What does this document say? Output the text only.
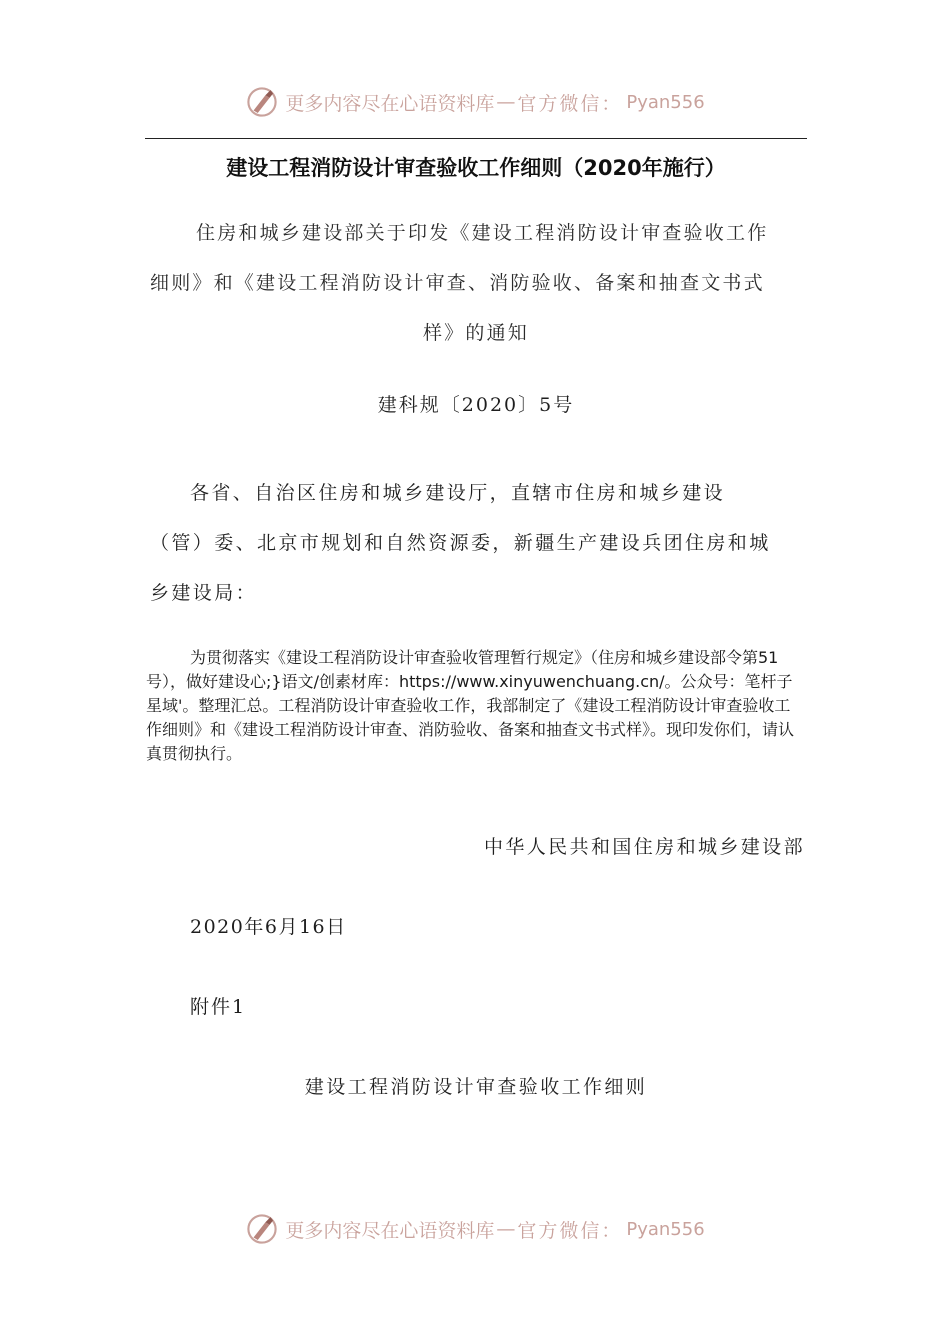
更多内容尽在心语资料库 — 官方微信： Pyan556
建设工程消防设计审查验收工作细则（2020年施行）
住房和城乡建设部关于印发《建设工程消防设计审查验收工作
细则》和《建设工程消防设计审查、消防验收、备案和抽查文书式
样》的通知
建科规〔2020〕5号
各省、自治区住房和城乡建设厅，直辖市住房和城乡建设
（管）委、北京市规划和自然资源委，新疆生产建设兵团住房和城
乡建设局：
为贯彻落实《建设工程消防设计审查验收管理暂行规定》（住房和城乡建设部令第51号），做好建设心;}语文/创素材库：https://www.xinyuwenchuang.cn/。公众号：笔杆子星域'。整理汇总。工程消防设计审查验收工作，我部制定了《建设工程消防设计审查验收工作细则》和《建设工程消防设计审查、消防验收、备案和抽查文书式样》。现印发你们，请认真贯彻执行。
中华人民共和国住房和城乡建设部
2020年6月16日
附件1
建设工程消防设计审查验收工作细则
更多内容尽在心语资料库 — 官方微信： Pyan556
